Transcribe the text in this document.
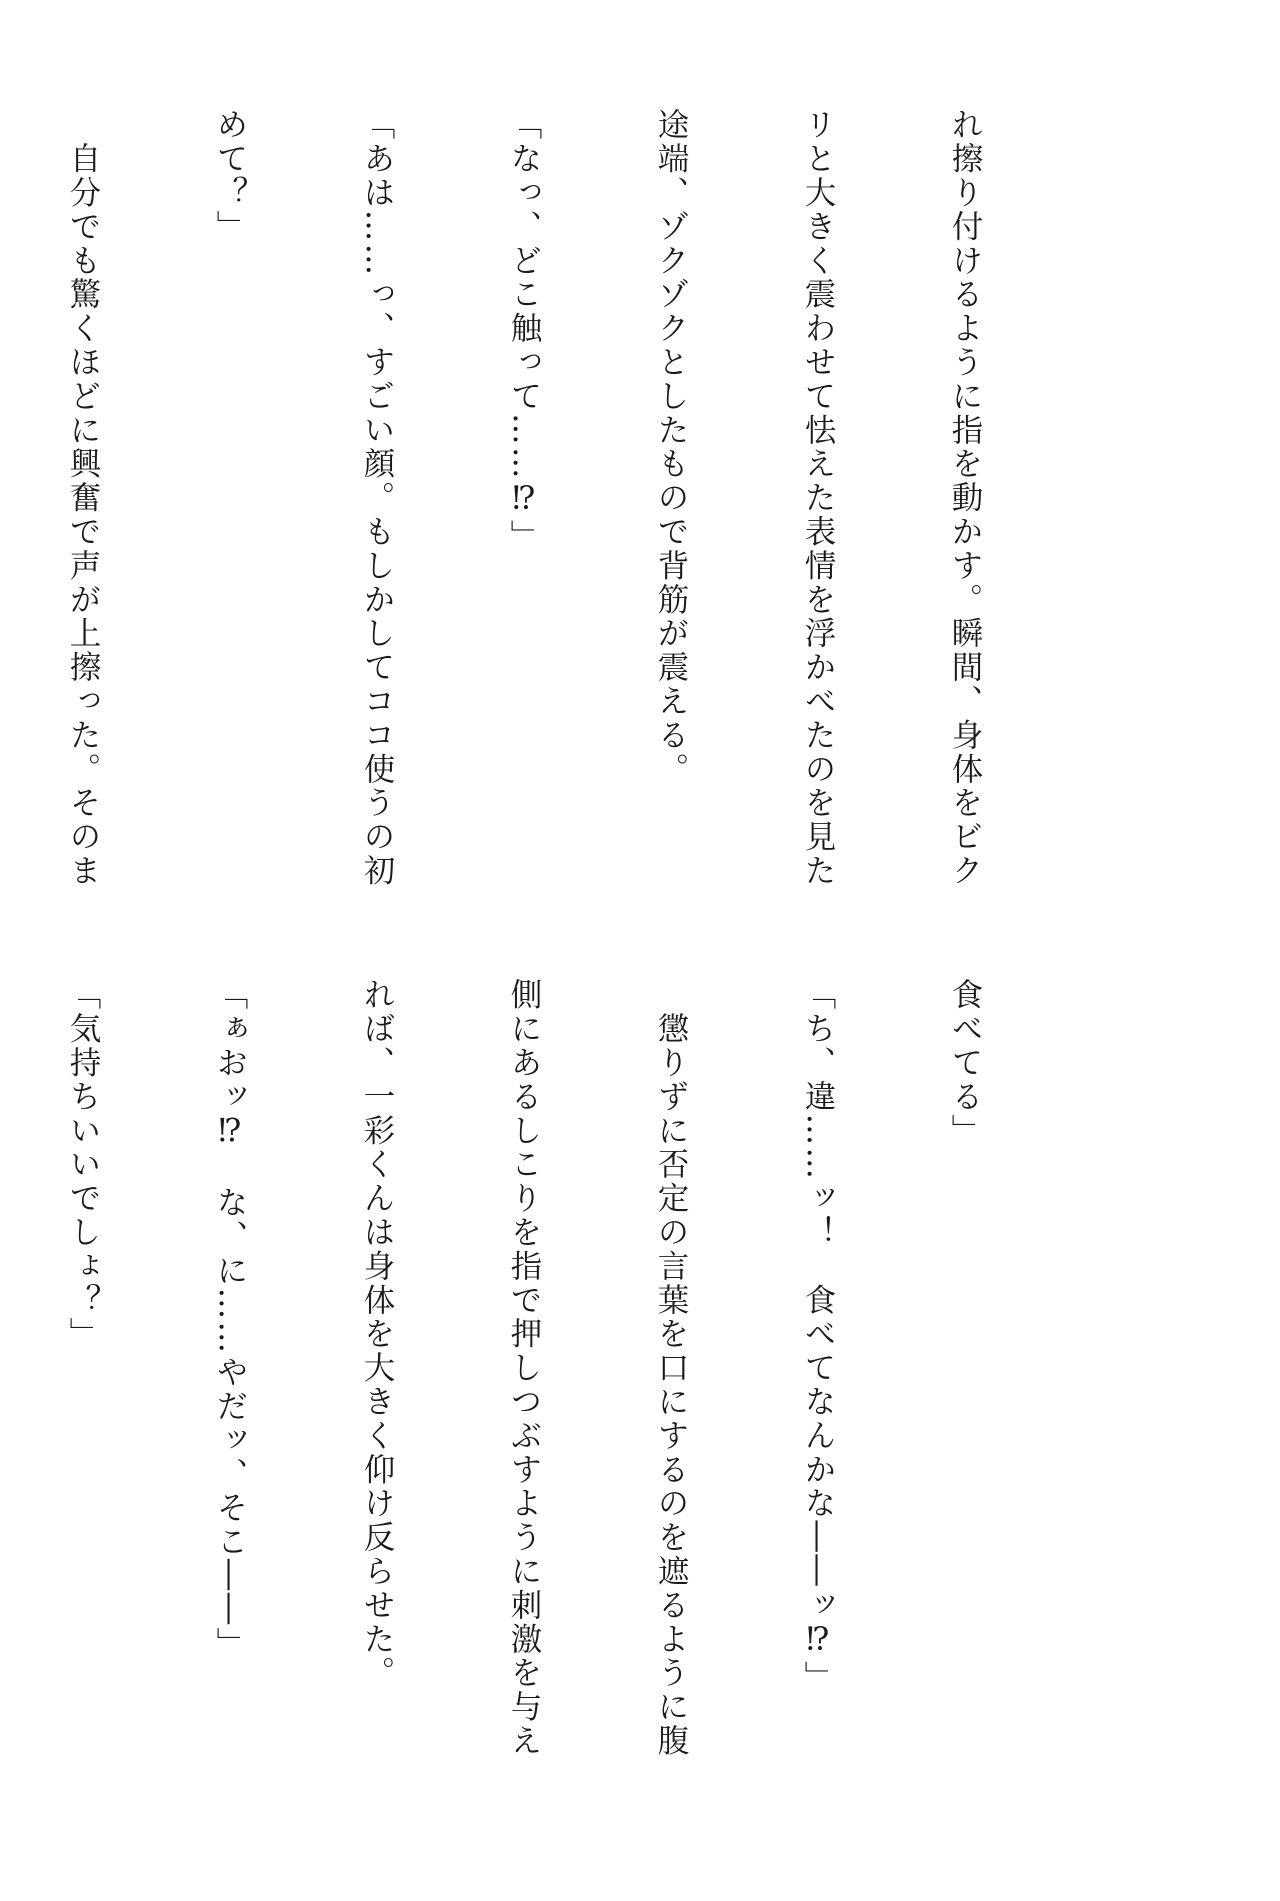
れ擦り付けるように指を動かす。瞬間、身体をビク

リと大きく震わせて怯えた表情を浮かべたのを見た

途端、ゾクゾクとしたもので背筋が震える。

「なっ、どこ触って……⁉」

「あは……っ、すごい顔。もしかしてココ使うの初

めて？」

　自分でも驚くほどに興奮で声が上擦った。そのま

食べてる」

「ち、違……ッ！　食べてなんかな――ッ⁉」

　懲りずに否定の言葉を口にするのを遮るように腹

側にあるしこりを指で押しつぶすように刺激を与え

れば、一彩くんは身体を大きく仰け反らせた。

「ぁおッ⁉　な、に……やだッ、そこ――」

「気持ちいいでしょ？」
